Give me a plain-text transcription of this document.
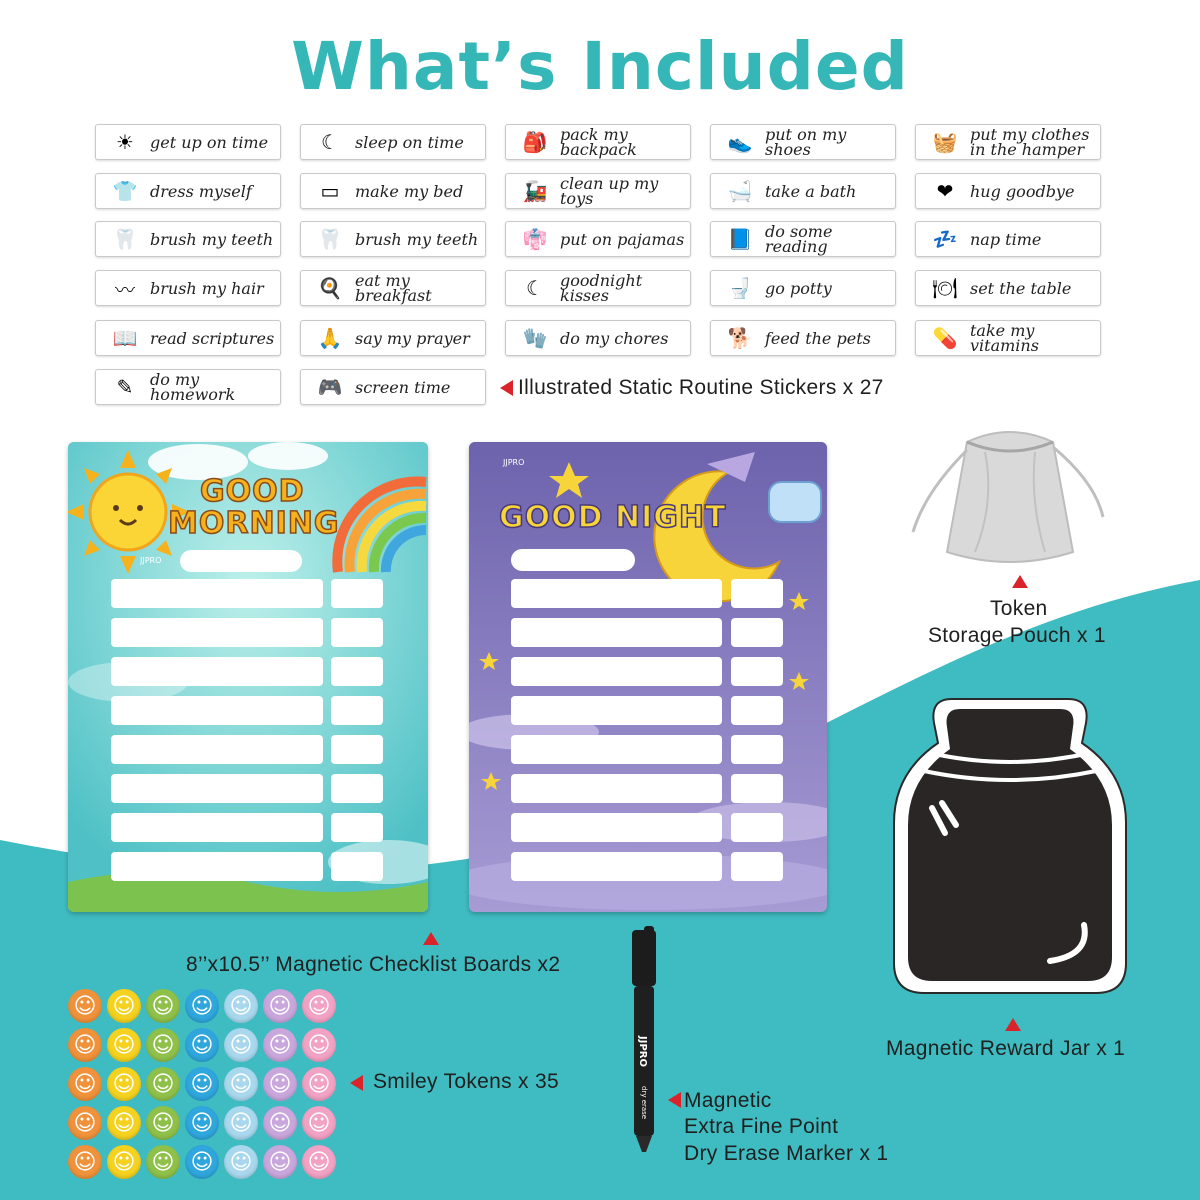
What’s Included
☀	get up on time
👕 dress myself
🦷 brush my teeth
〰 brush my hair
📖 read scriptures
✎	do my
homework
☾	sleep on time
▭ make my bed
🦷 brush my teeth
🍳 eat my breakfast
🙏 say my prayer
🎮 screen time
🎒 pack my backpack
🚂 clean up my toys
👘 put on pajamas
☾	goodnight kisses
🧤 do my chores
👟 put on my shoes
🛁 take a bath
📘 do some reading
🚽 go potty
🐕 feed the pets
🧺 put my clothes
in the hamper
❤	hug goodbye
💤 nap time
🍽 set the table
💊 take my vitamins
Illustrated Static Routine Stickers x 27
GOOD
MORNING
JJPRO
GOOD NIGHT
JJPRO
Token
Storage Pouch x 1
Magnetic Reward Jar x 1
8’’x10.5’’ Magnetic Checklist Boards x2
☺ ☺ ☺ ☺ ☺ ☺ ☺
☺ ☺ ☺ ☺ ☺ ☺ ☺
☺ ☺ ☺ ☺ ☺ ☺ ☺
☺ ☺ ☺ ☺ ☺ ☺ ☺
☺ ☺ ☺ ☺ ☺ ☺ ☺
Smiley Tokens x 35
JJPRO
dry erase Magnetic
Extra Fine Point
Dry Erase Marker x 1
